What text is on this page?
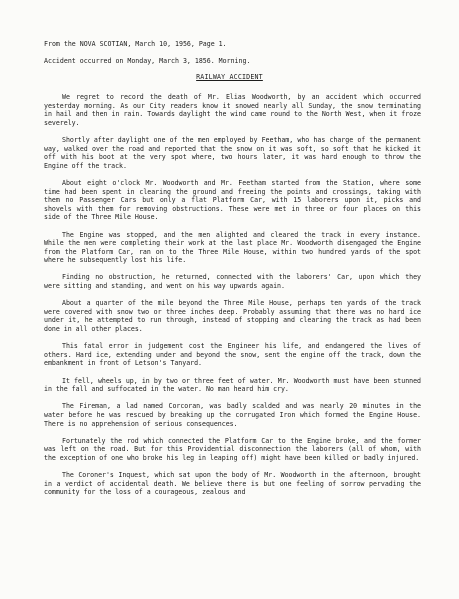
From the NOVA SCOTIAN, March 10, 1956, Page 1.
Accident occurred on Monday, March 3, 1856. Morning.
RAILWAY ACCIDENT

We regret to record the death of Mr. Elias Woodworth, by an accident which occurred yesterday morning. As our City readers know it snowed nearly all Sunday, the snow terminating in hail and then in rain. Towards daylight the wind came round to the North West, when it froze severely.

Shortly after daylight one of the men employed by Feetham, who has charge of the permanent way, walked over the road and reported that the snow on it was soft, so soft that he kicked it off with his boot at the very spot where, two hours later, it was hard enough to throw the Engine off the track.

About eight o'clock Mr. Woodworth and Mr. Feetham started from the Station, where some time had been spent in clearing the ground and freeing the points and crossings, taking with them no Passenger Cars but only a flat Platform Car, with 15 laborers upon it, picks and shovels with them for removing obstructions. These were met in three or four places on this side of the Three Mile House.

The Engine was stopped, and the men alighted and cleared the track in every instance. While the men were completing their work at the last place Mr. Woodworth disengaged the Engine from the Platform Car, ran on to the Three Mile House, within two hundred yards of the spot where he subsequently lost his life.

Finding no obstruction, he returned, connected with the laborers' Car, upon which they were sitting and standing, and went on his way upwards again.

About a quarter of the mile beyond the Three Mile House, perhaps ten yards of the track were covered with snow two or three inches deep. Probably assuming that there was no hard ice under it, he attempted to run through, instead of stopping and clearing the track as had been done in all other places.

This fatal error in judgement cost the Engineer his life, and endangered the lives of others. Hard ice, extending under and beyond the snow, sent the engine off the track, down the embankment in front of Letson's Tanyard.

It fell, wheels up, in by two or three feet of water. Mr. Woodworth must have been stunned in the fall and suffocated in the water. No man heard him cry.

The Fireman, a lad named Corcoran, was badly scalded and was nearly 20 minutes in the water before he was rescued by breaking up the corrugated Iron which formed the Engine House. There is no apprehension of serious consequences.

Fortunately the rod which connected the Platform Car to the Engine broke, and the former was left on the road. But for this Providential disconnection the laborers (all of whom, with the exception of one who broke his leg in leaping off) might have been killed or badly injured.

The Coroner's Inquest, which sat upon the body of Mr. Woodworth in the afternoon, brought in a verdict of accidental death. We believe there is but one feeling of sorrow pervading the community for the loss of a courageous, zealous and
